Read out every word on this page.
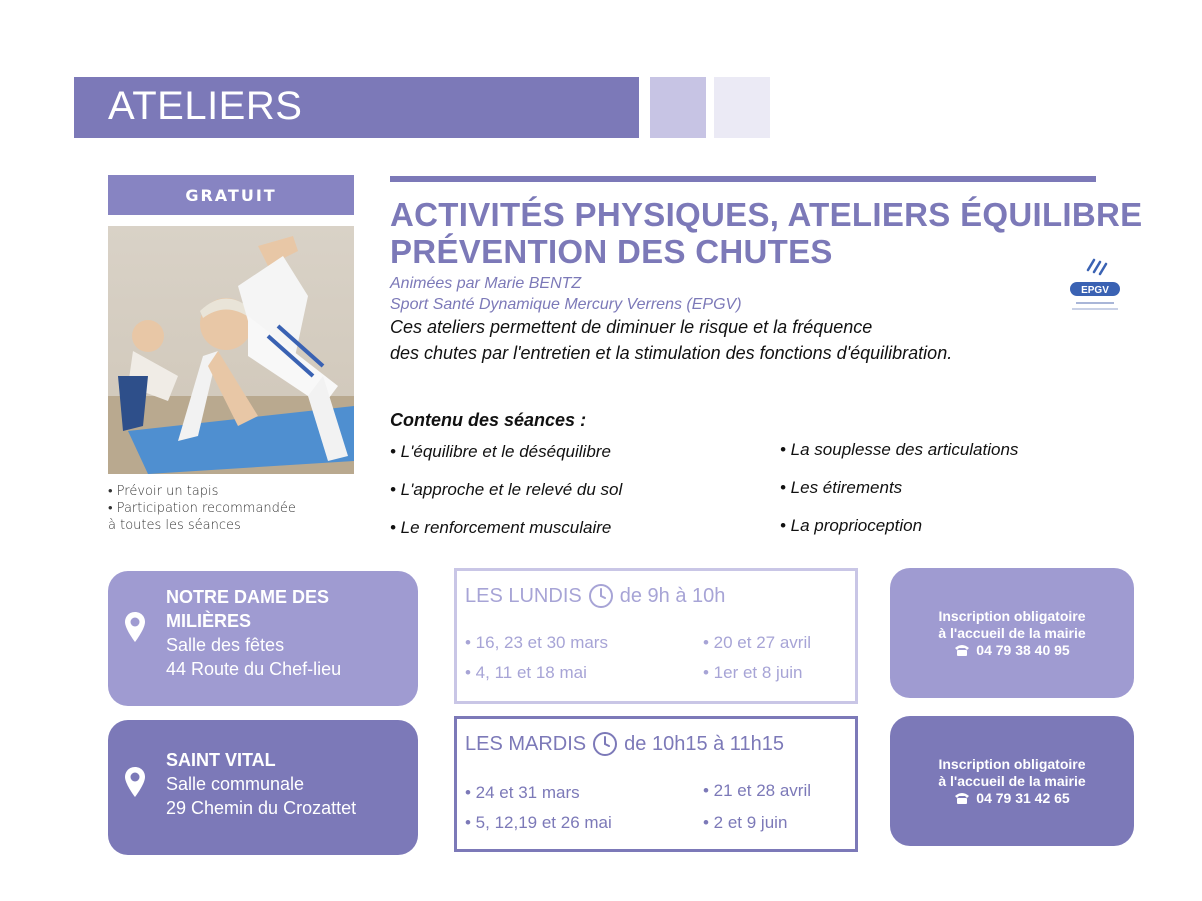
ATELIERS
GRATUIT
• Prévoir un tapis
• Participation recommandée
à toutes les séances
ACTIVITÉS PHYSIQUES, ATELIERS ÉQUILIBRE
PRÉVENTION DES CHUTES
Animées par Marie BENTZ
Sport Santé Dynamique Mercury Verrens (EPGV)
EPGV
Ces ateliers permettent de diminuer le risque et la fréquence
des chutes par l'entretien et la stimulation des fonctions d'équilibration.
Contenu des séances :
• L'équilibre et le déséquilibre
• L'approche et le relevé du sol
• Le renforcement musculaire
• La souplesse des articulations
• Les étirements
• La proprioception
NOTRE DAME DES
MILIÈRES
Salle des fêtes
44 Route du Chef-lieu
SAINT VITAL
Salle communale
29 Chemin du Crozattet
LES LUNDIS de 9h à 10h
• 16, 23 et 30 mars	• 20 et 27 avril
• 4, 11 et 18 mai	• 1er et 8 juin
LES MARDIS de 10h15 à 11h15
• 24 et 31 mars	• 21 et 28 avril
• 5, 12,19 et 26 mai	• 2 et 9 juin
Inscription obligatoire
à l'accueil de la mairie
04 79 38 40 95
Inscription obligatoire
à l'accueil de la mairie
04 79 31 42 65
